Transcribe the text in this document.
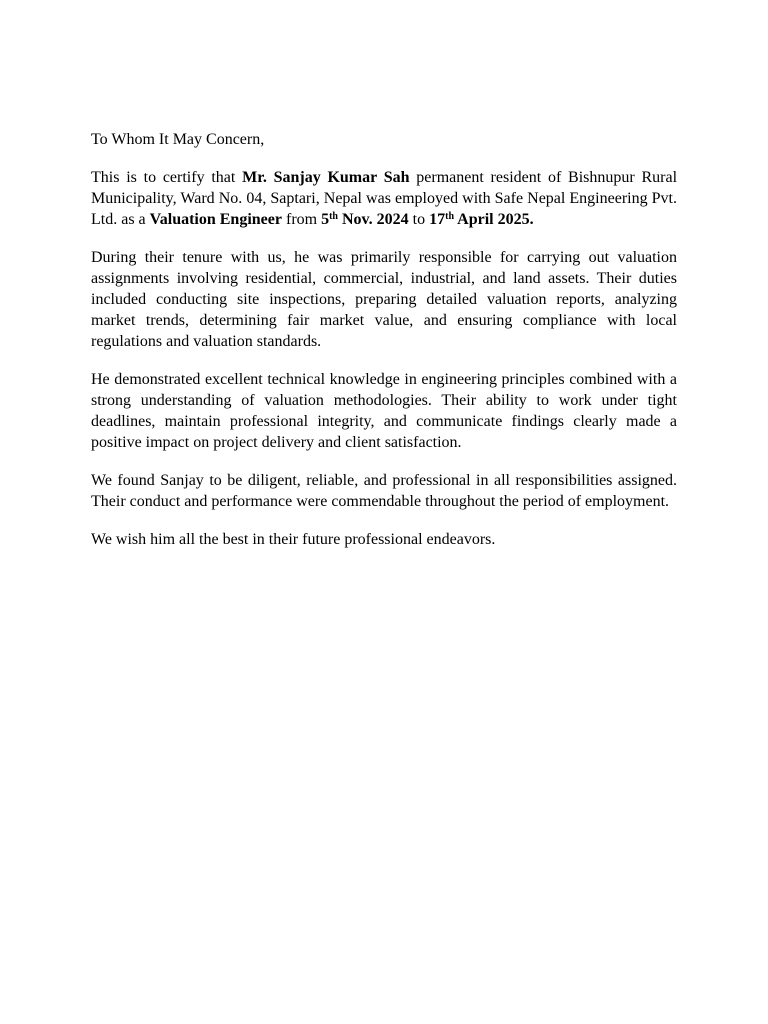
To Whom It May Concern,

This is to certify that Mr. Sanjay Kumar Sah permanent resident of Bishnupur Rural Municipality, Ward No. 04, Saptari, Nepal was employed with Safe Nepal Engineering Pvt. Ltd. as a Valuation Engineer from 5th Nov. 2024 to 17th April 2025.

During their tenure with us, he was primarily responsible for carrying out valuation assignments involving residential, commercial, industrial, and land assets. Their duties included conducting site inspections, preparing detailed valuation reports, analyzing market trends, determining fair market value, and ensuring compliance with local regulations and valuation standards.

He demonstrated excellent technical knowledge in engineering principles combined with a strong understanding of valuation methodologies. Their ability to work under tight deadlines, maintain professional integrity, and communicate findings clearly made a positive impact on project delivery and client satisfaction.

We found Sanjay to be diligent, reliable, and professional in all responsibilities assigned. Their conduct and performance were commendable throughout the period of employment.

We wish him all the best in their future professional endeavors.
